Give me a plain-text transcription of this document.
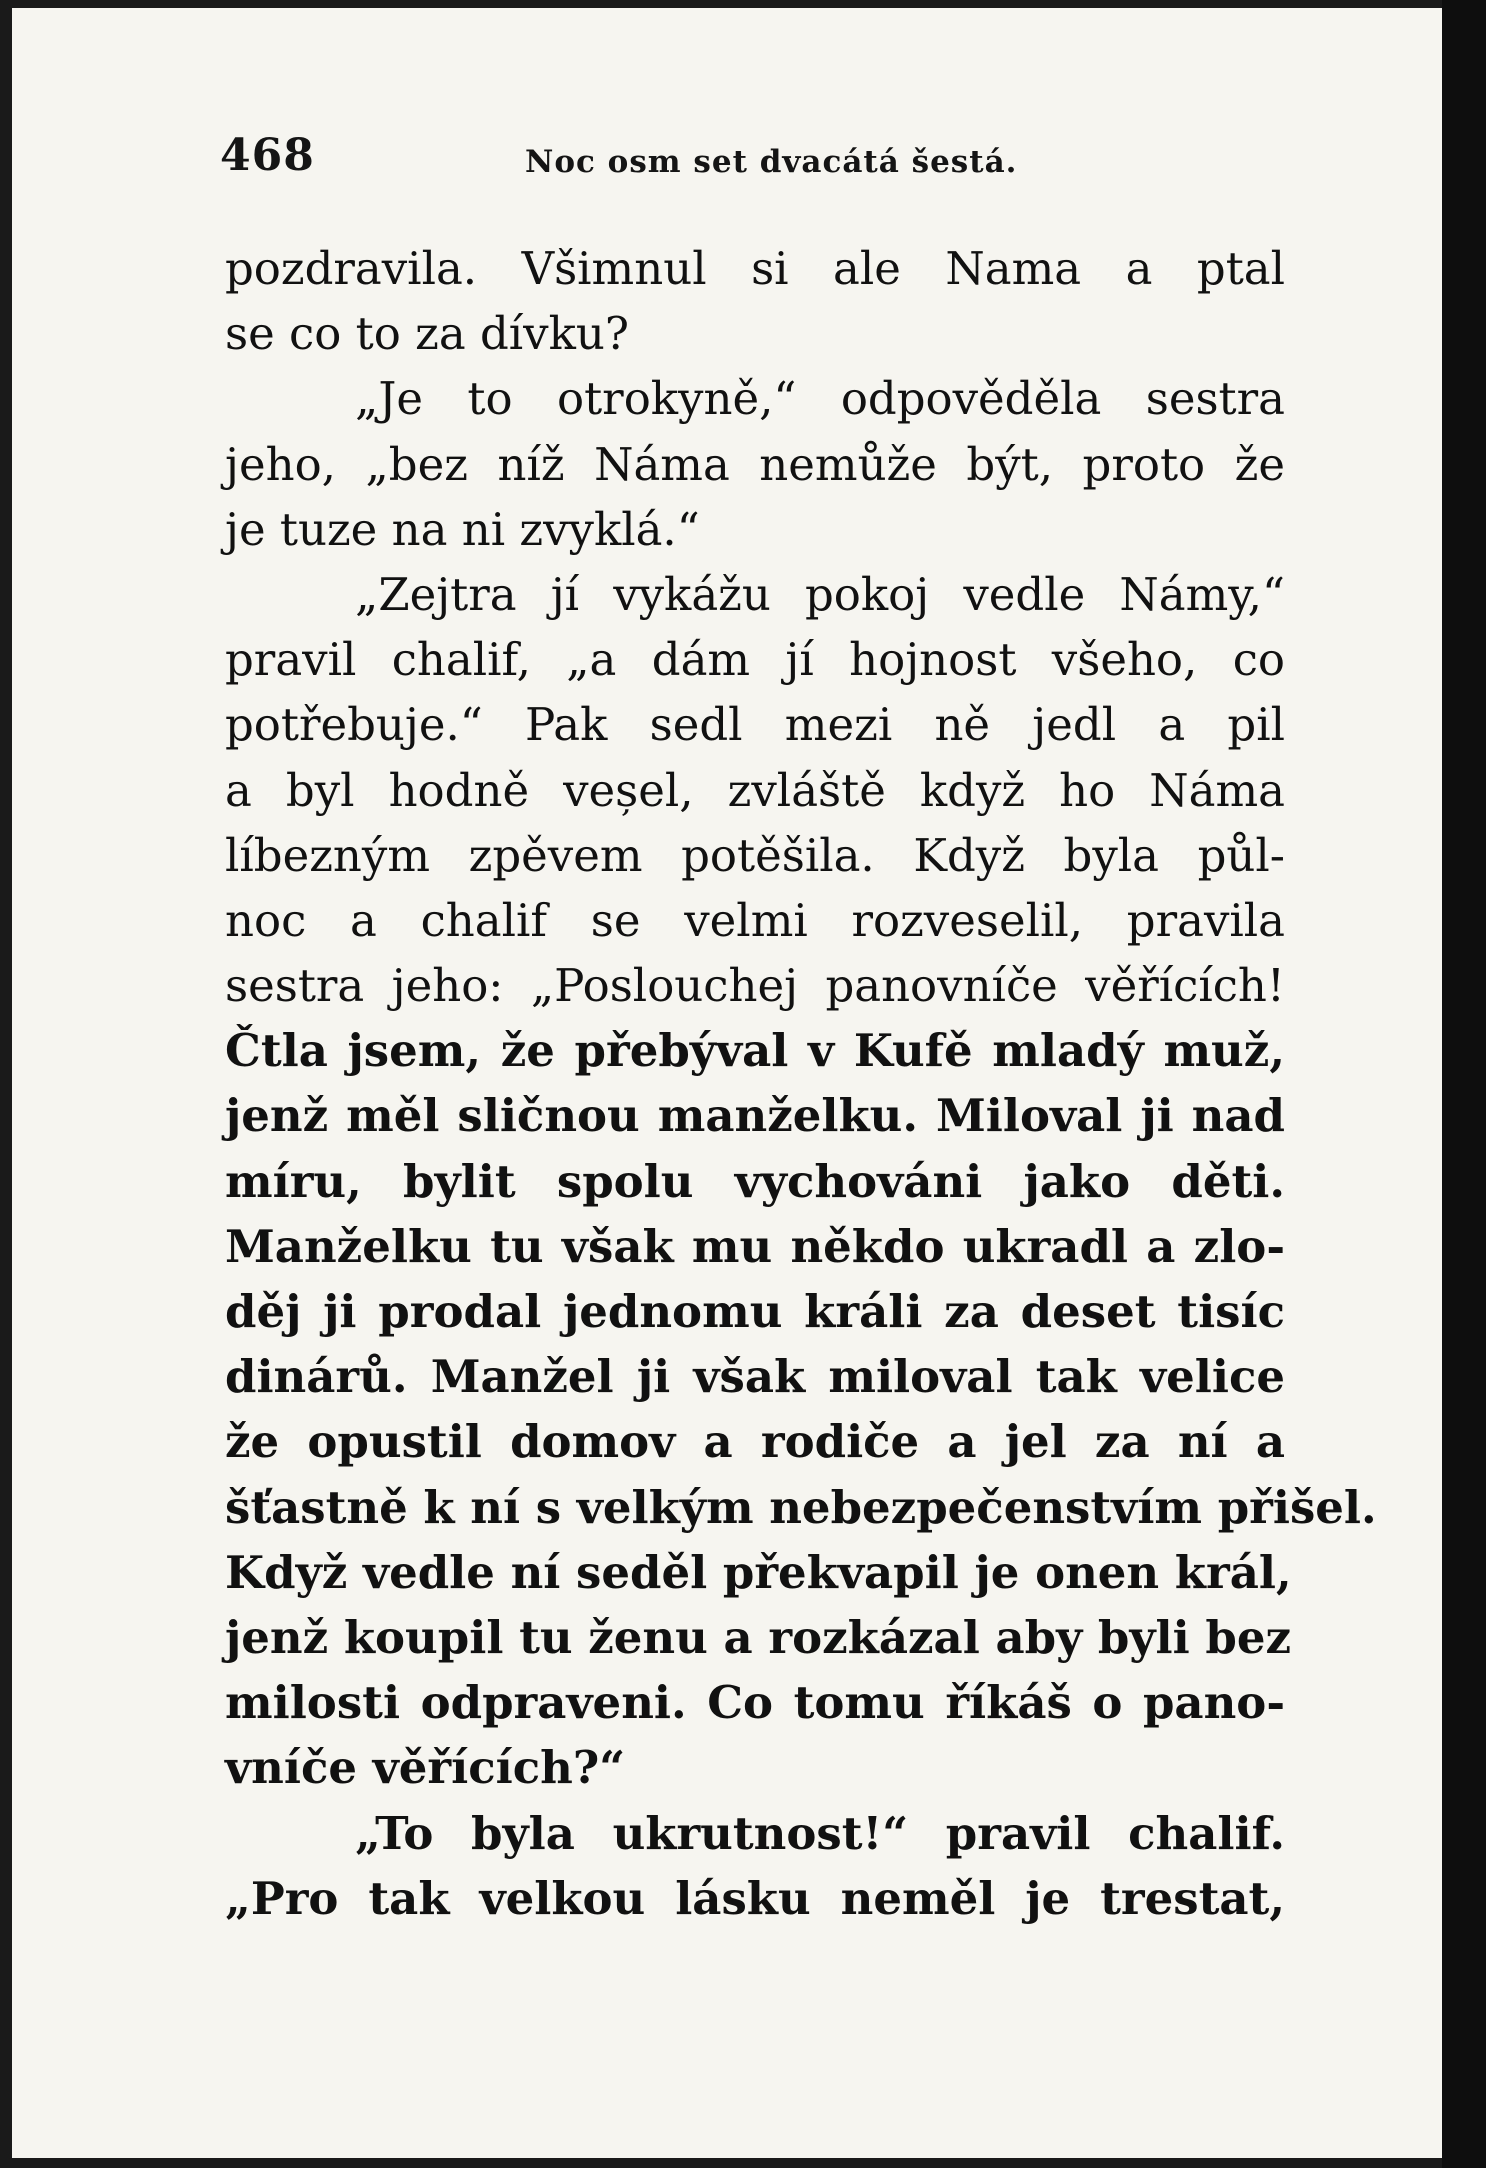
468	Noc osm set dvacátá šestá.
pozdravila. Všimnul si ale Nama a ptal
se co to za dívku?
„Je to otrokyně,“ odpověděla sestra
jeho, „bez níž Náma nemůže být, proto že
je tuze na ni zvyklá.“
„Zejtra jí vykážu pokoj vedle Námy,“
pravil chalif, „a dám jí hojnost všeho, co
potřebuje.“ Pak sedl mezi ně jedl a pil
a byl hodně veșel, zvláště když ho Náma
líbezným zpěvem potěšila. Když byla půl-
noc a chalif se velmi rozveselil, pravila
sestra jeho: „Poslouchej panovníče věřících!
Čtla jsem, že přebýval v Kufě mladý muž,
jenž měl sličnou manželku. Miloval ji nad
míru, bylit spolu vychováni jako děti.
Manželku tu však mu někdo ukradl a zlo-
děj ji prodal jednomu králi za deset tisíc
dinárů. Manžel ji však miloval tak velice
že opustil domov a rodiče a jel za ní a
šťastně k ní s velkým nebezpečenstvím přišel.
Když vedle ní seděl překvapil je onen král,
jenž koupil tu ženu a rozkázal aby byli bez
milosti odpraveni. Co tomu říkáš o pano-
vníče věřících?“
„To byla ukrutnost!“ pravil chalif.
„Pro tak velkou lásku neměl je trestat,
